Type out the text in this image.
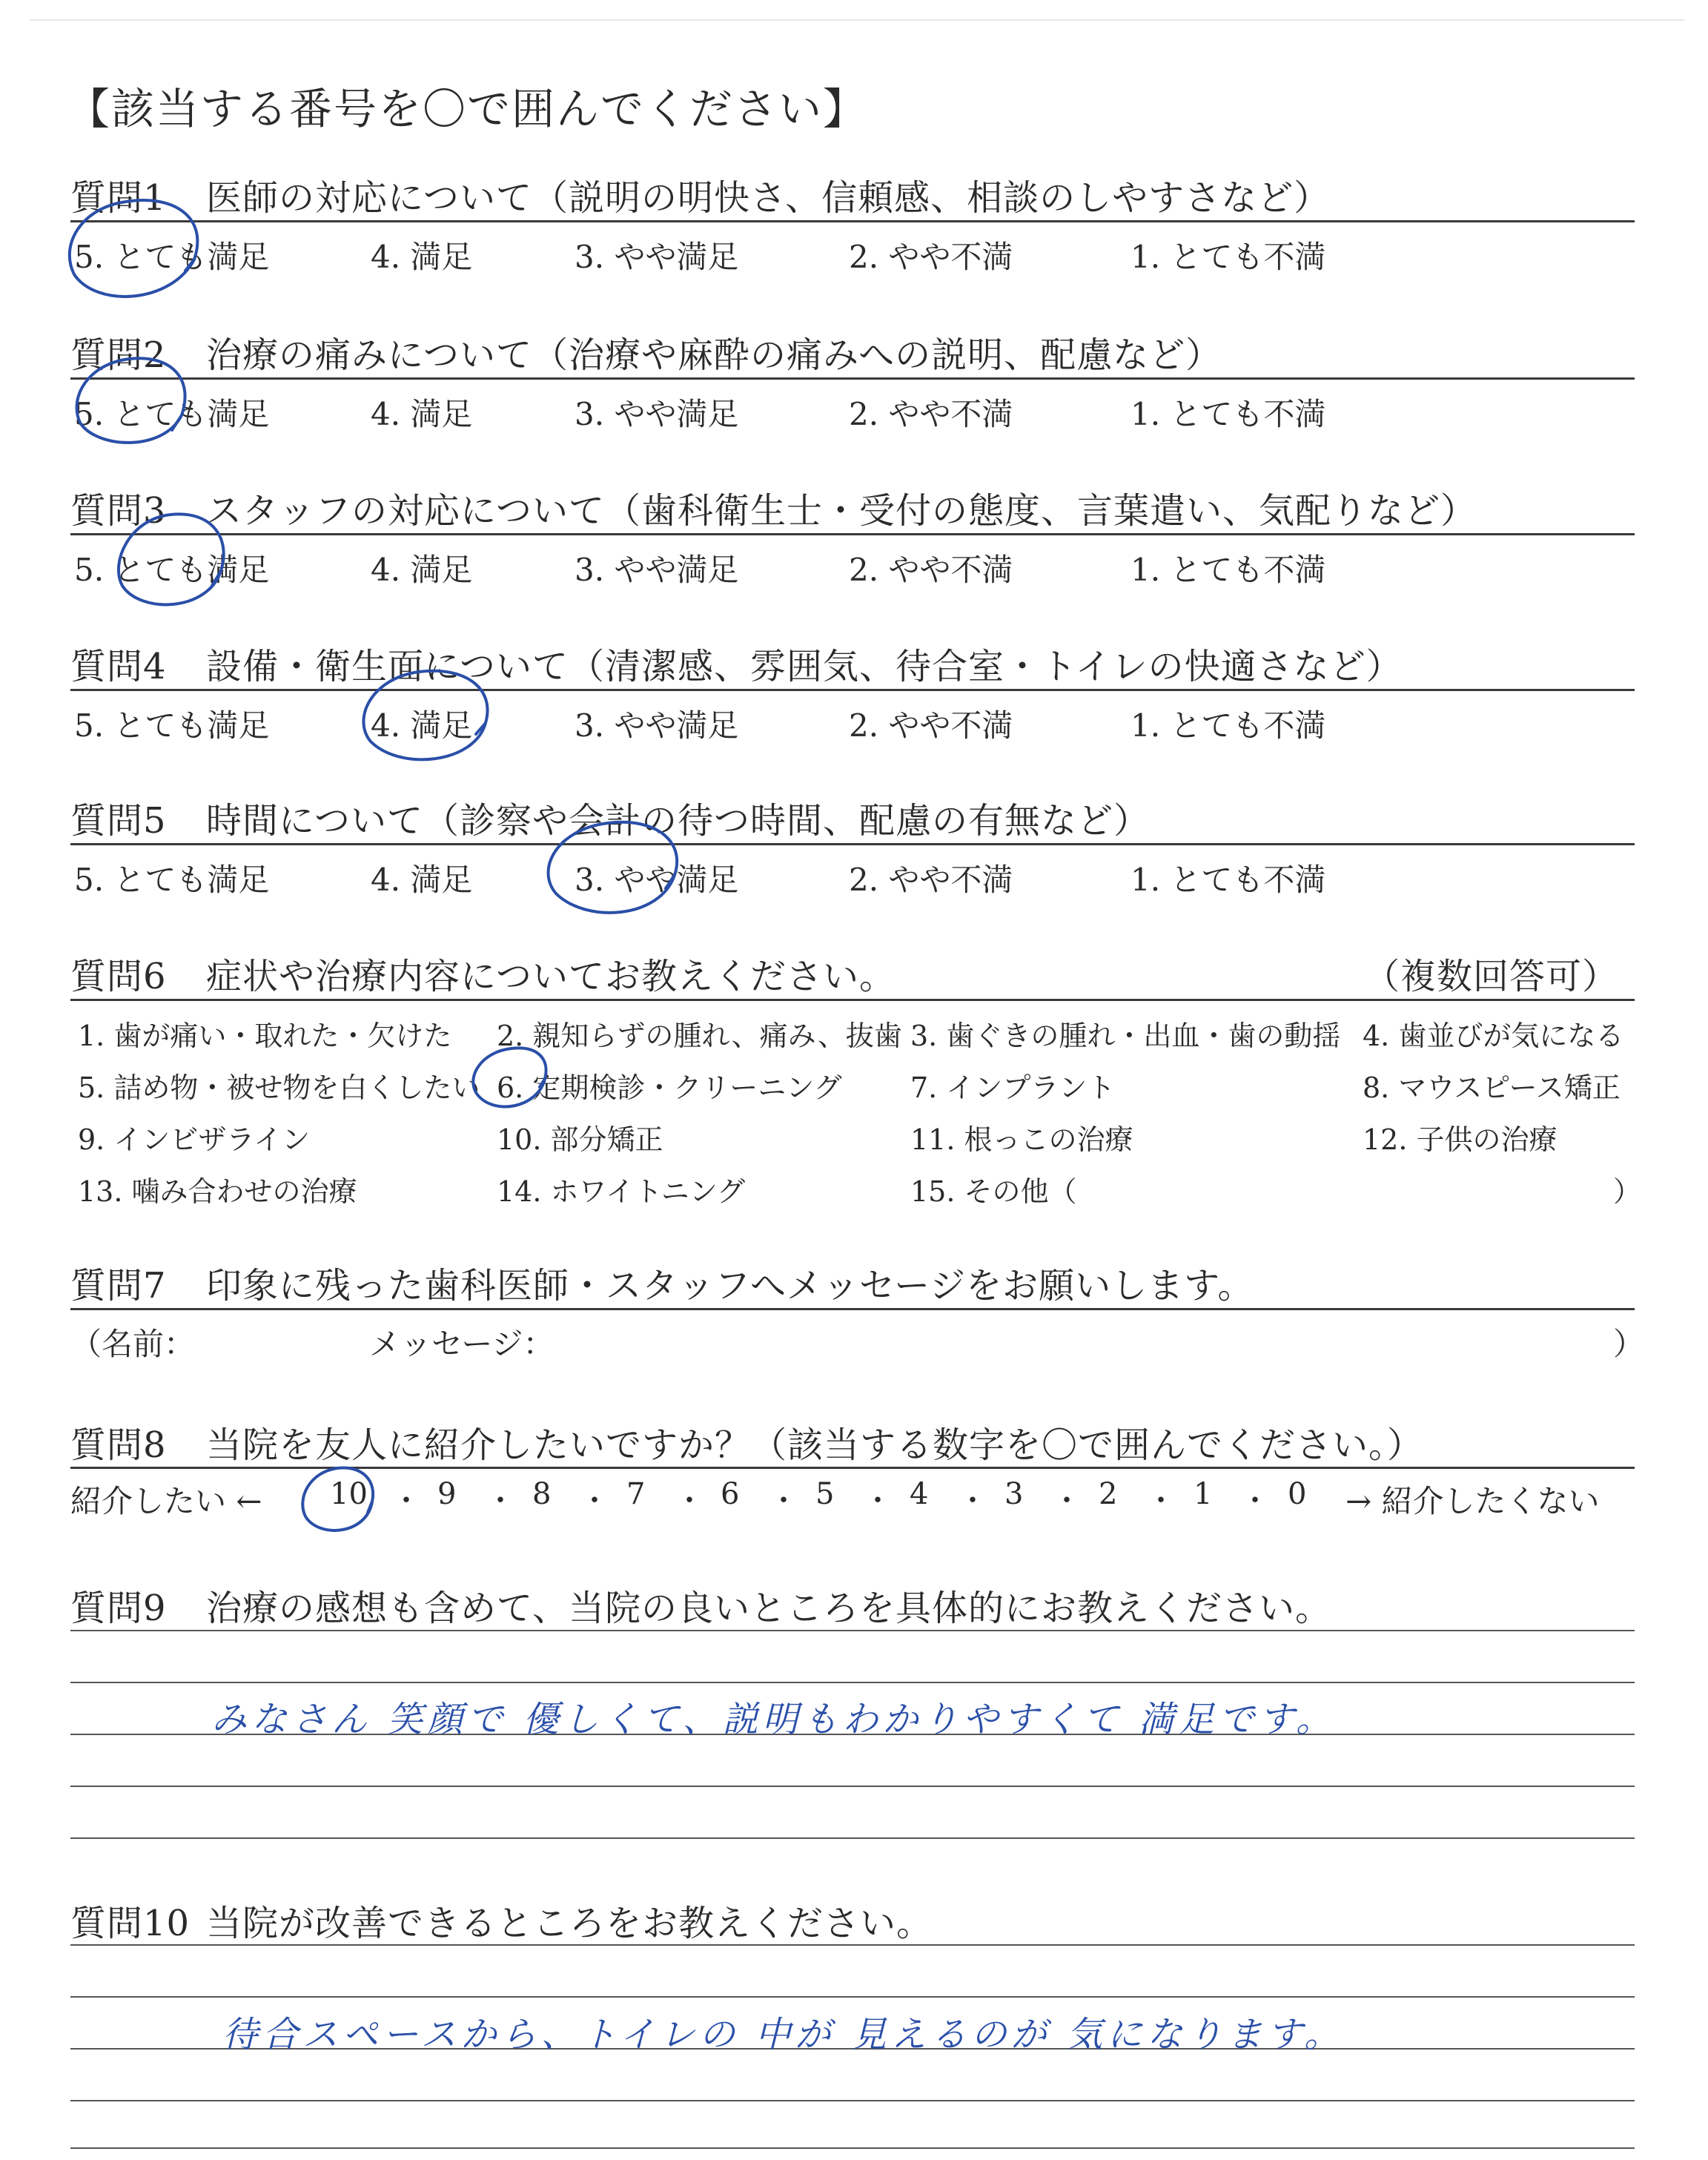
【該当する番号を〇で囲んでください】
質問1 医師の対応について（説明の明快さ、信頼感、相談のしやすさなど）
5. とても満足	4. 満足	3. やや満足	2. やや不満	1. とても不満
質問2 治療の痛みについて（治療や麻酔の痛みへの説明、配慮など）
5. とても満足	4. 満足	3. やや満足	2. やや不満	1. とても不満
質問3 スタッフの対応について（歯科衛生士・受付の態度、言葉遣い、気配りなど）
5. とても満足	4. 満足	3. やや満足	2. やや不満	1. とても不満
質問4 設備・衛生面について（清潔感、雰囲気、待合室・トイレの快適さなど）
5. とても満足	4. 満足	3. やや満足	2. やや不満	1. とても不満
質問5 時間について（診察や会計の待つ時間、配慮の有無など）
5. とても満足	4. 満足	3. やや満足	2. やや不満	1. とても不満
質問6 症状や治療内容についてお教えください。	（複数回答可）
1. 歯が痛い・取れた・欠けた 2. 親知らずの腫れ、痛み、抜歯 3. 歯ぐきの腫れ・出血・歯の動揺 4. 歯並びが気になる
5. 詰め物・被せ物を白くしたい 6. 定期検診・クリーニング 7. インプラント	8. マウスピース矯正
9. インビザライン	10. 部分矯正	11. 根っこの治療	12. 子供の治療
13. 噛み合わせの治療	14. ホワイトニング	15. その他（	）
質問7 印象に残った歯科医師・スタッフへメッセージをお願いします。
（名前：	メッセージ：	）
質問8 当院を友人に紹介したいですか？（該当する数字を〇で囲んでください。）
紹介したい ←	→ 紹介したくない
10 ・ 9 ・ 8 ・ 7 ・ 6 ・ 5 ・ 4 ・ 3 ・ 2 ・ 1 ・ 0
質問9 治療の感想も含めて、当院の良いところを具体的にお教えください。
みなさん 笑顔で 優しくて、説明もわかりやすくて 満足です。
質問10 当院が改善できるところをお教えください。
待合スペースから、トイレの 中が 見えるのが 気になります。
